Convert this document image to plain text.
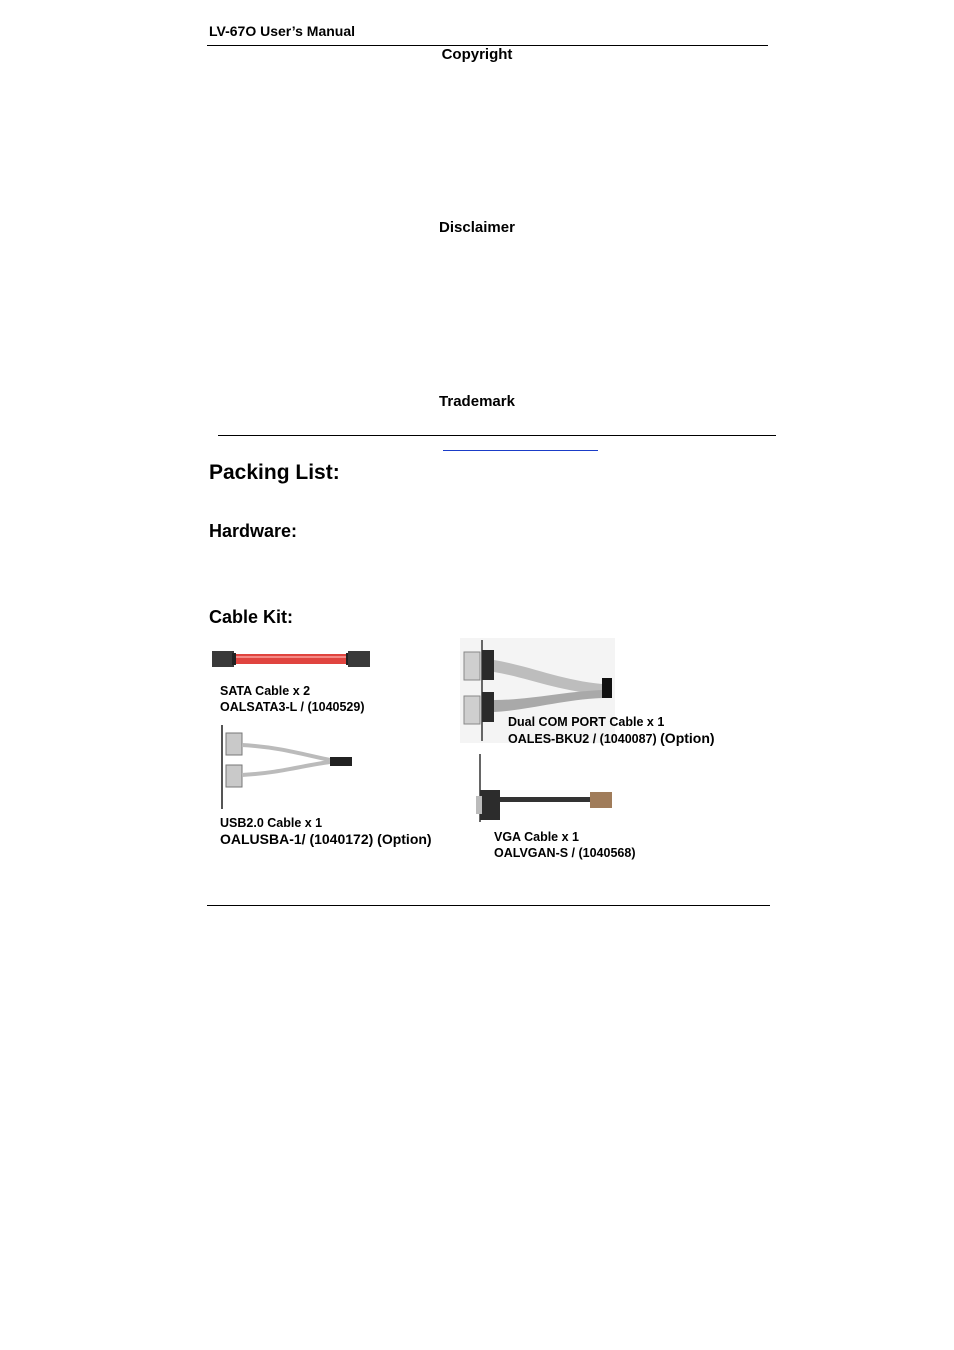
LV-67O User’s Manual
Copyright
Disclaimer
Trademark
Packing List:
Hardware:
Cable Kit:
SATA Cable x 2
OALSATA3-L / (1040529)
Dual COM PORT Cable x 1
OALES-BKU2 / (1040087) (Option)
USB2.0 Cable x 1
OALUSBA-1/ (1040172) (Option)	VGA Cable x 1
OALVGAN-S / (1040568)
